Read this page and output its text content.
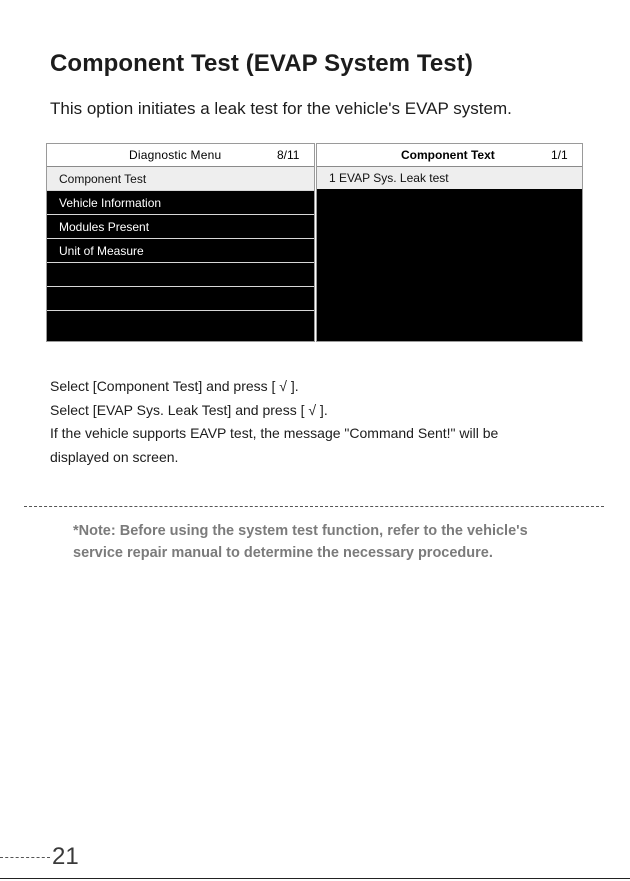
Component Test (EVAP System Test)
This option initiates a leak test for the vehicle's EVAP system.
Diagnostic Menu	8/11
Component Test
Vehicle Information
Modules Present
Unit of Measure
Component Text	1/1
1 EVAP Sys. Leak test
Select [Component Test] and press [ √ ].
Select [EVAP Sys. Leak Test] and press [ √ ].
If the vehicle supports EAVP test, the message "Command Sent!" will be
displayed on screen.
*Note: Before using the system test function, refer to the vehicle's
service repair manual to determine the necessary procedure.
21
